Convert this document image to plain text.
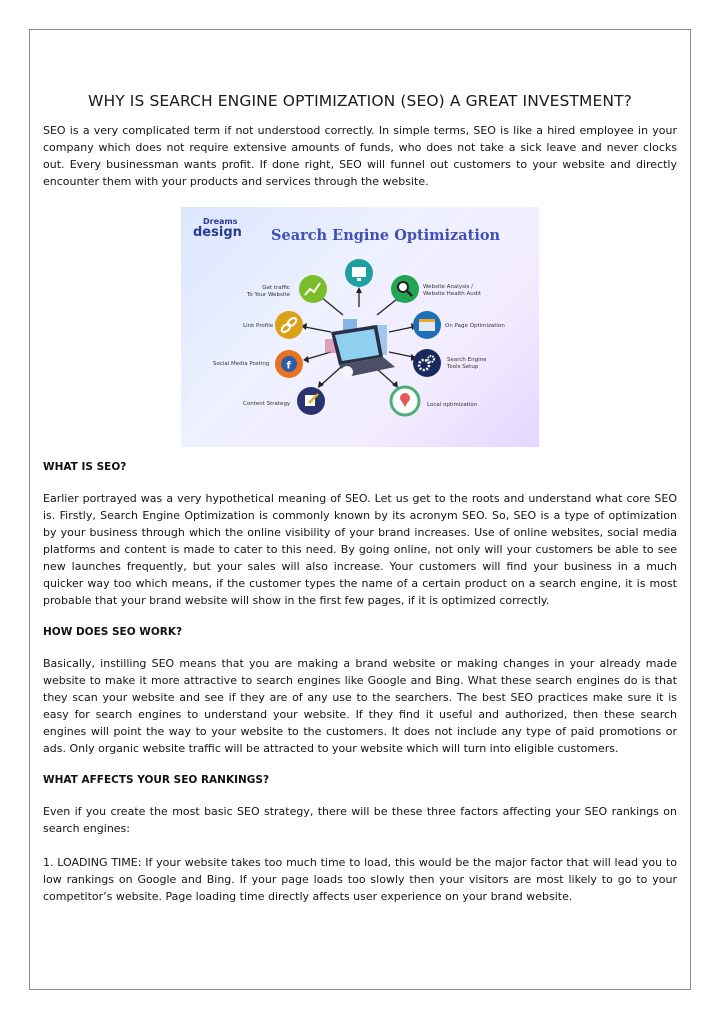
WHY IS SEARCH ENGINE OPTIMIZATION (SEO) A GREAT INVESTMENT?

SEO is a very complicated term if not understood correctly. In simple terms, SEO is like a hired employee in your company which does not require extensive amounts of funds, who does not take a sick leave and never clocks out. Every businessman wants profit. If done right, SEO will funnel out customers to your website and directly encounter them with your products and services through the website.

f
Dreams
design Search Engine Optimization
Get traffic
To Your Website
Link Profile
Social Media Posting
Content Strategy
Website Analysis /
Website Health Audit
On Page Optimization
Search Engine
Tools Setup
Local optimization
WHAT IS SEO?

Earlier portrayed was a very hypothetical meaning of SEO. Let us get to the roots and understand what core SEO is. Firstly, Search Engine Optimization is commonly known by its acronym SEO. So, SEO is a type of optimization by your business through which the online visibility of your brand increases. Use of online websites, social media platforms and content is made to cater to this need. By going online, not only will your customers be able to see new launches frequently, but your sales will also increase. Your customers will find your business in a much quicker way too which means, if the customer types the name of a certain product on a search engine, it is most probable that your brand website will show in the first few pages, if it is optimized correctly.

HOW DOES SEO WORK?

Basically, instilling SEO means that you are making a brand website or making changes in your already made website to make it more attractive to search engines like Google and Bing. What these search engines do is that they scan your website and see if they are of any use to the searchers. The best SEO practices make sure it is easy for search engines to understand your website. If they find it useful and authorized, then these search engines will point the way to your website to the customers. It does not include any type of paid promotions or ads. Only organic website traffic will be attracted to your website which will turn into eligible customers.

WHAT AFFECTS YOUR SEO RANKINGS?

Even if you create the most basic SEO strategy, there will be these three factors affecting your SEO rankings on search engines:

1. LOADING TIME: If your website takes too much time to load, this would be the major factor that will lead you to low rankings on Google and Bing. If your page loads too slowly then your visitors are most likely to go to your competitor’s website. Page loading time directly affects user experience on your brand website.
